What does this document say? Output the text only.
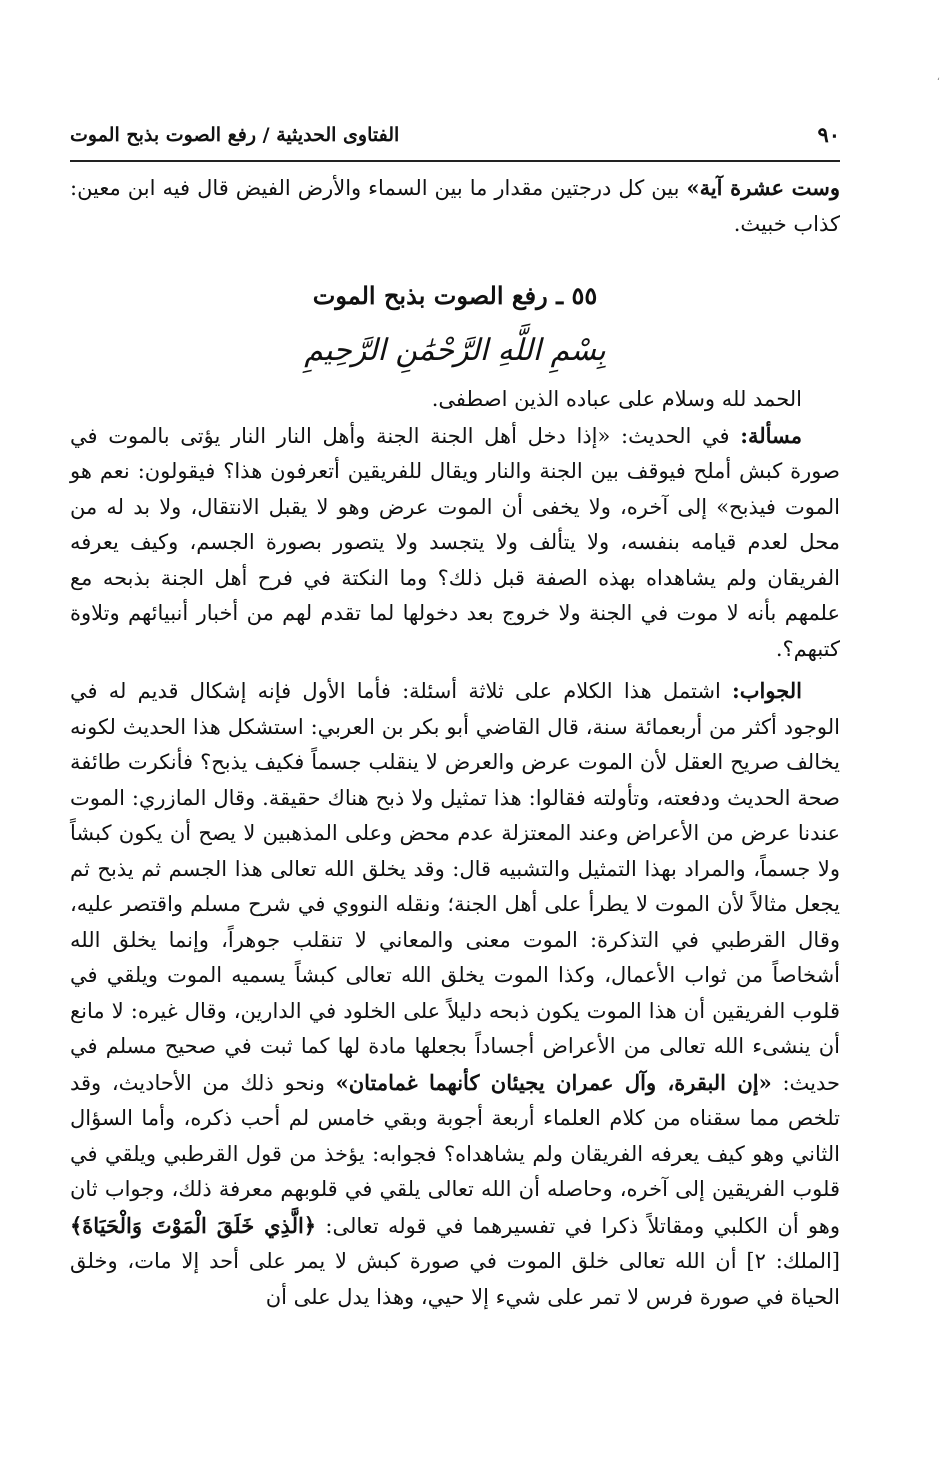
،
الفتاوى الحديثية / رفع الصوت بذبح الموت	٩٠

وست عشرة آية» بين كل درجتين مقدار ما بين السماء والأرض الفيض قال فيه ابن معين: كذاب خبيث.

٥٥ ـ رفع الصوت بذبح الموت

بِسْمِ اللَّهِ الرَّحْمَٰنِ الرَّحِيمِ

الحمد لله وسلام على عباده الذين اصطفى.

مسألة: في الحديث: «إذا دخل أهل الجنة الجنة وأهل النار النار يؤتى بالموت في صورة كبش أملح فيوقف بين الجنة والنار ويقال للفريقين أتعرفون هذا؟ فيقولون: نعم هو الموت فيذبح» إلى آخره، ولا يخفى أن الموت عرض وهو لا يقبل الانتقال، ولا بد له من محل لعدم قيامه بنفسه، ولا يتألف ولا يتجسد ولا يتصور بصورة الجسم، وكيف يعرفه الفريقان ولم يشاهداه بهذه الصفة قبل ذلك؟ وما النكتة في فرح أهل الجنة بذبحه مع علمهم بأنه لا موت في الجنة ولا خروج بعد دخولها لما تقدم لهم من أخبار أنبيائهم وتلاوة كتبهم؟.

الجواب: اشتمل هذا الكلام على ثلاثة أسئلة: فأما الأول فإنه إشكال قديم له في الوجود أكثر من أربعمائة سنة، قال القاضي أبو بكر بن العربي: استشكل هذا الحديث لكونه يخالف صريح العقل لأن الموت عرض والعرض لا ينقلب جسماً فكيف يذبح؟ فأنكرت طائفة صحة الحديث ودفعته، وتأولته فقالوا: هذا تمثيل ولا ذبح هناك حقيقة. وقال المازري: الموت عندنا عرض من الأعراض وعند المعتزلة عدم محض وعلى المذهبين لا يصح أن يكون كبشاً ولا جسماً، والمراد بهذا التمثيل والتشبيه قال: وقد يخلق الله تعالى هذا الجسم ثم يذبح ثم يجعل مثالاً لأن الموت لا يطرأ على أهل الجنة؛ ونقله النووي في شرح مسلم واقتصر عليه، وقال القرطبي في التذكرة: الموت معنى والمعاني لا تنقلب جوهراً، وإنما يخلق الله أشخاصاً من ثواب الأعمال، وكذا الموت يخلق الله تعالى كبشاً يسميه الموت ويلقي في قلوب الفريقين أن هذا الموت يكون ذبحه دليلاً على الخلود في الدارين، وقال غيره: لا مانع أن ينشىء الله تعالى من الأعراض أجساداً بجعلها مادة لها كما ثبت في صحيح مسلم في حديث: «إن البقرة، وآل عمران يجيئان كأنهما غمامتان» ونحو ذلك من الأحاديث، وقد تلخص مما سقناه من كلام العلماء أربعة أجوبة وبقي خامس لم أحب ذكره، وأما السؤال الثاني وهو كيف يعرفه الفريقان ولم يشاهداه؟ فجوابه: يؤخذ من قول القرطبي ويلقي في قلوب الفريقين إلى آخره، وحاصله أن الله تعالى يلقي في قلوبهم معرفة ذلك، وجواب ثان وهو أن الكلبي ومقاتلاً ذكرا في تفسيرهما في قوله تعالى: ﴿الَّذِي خَلَقَ الْمَوْتَ وَالْحَيَاةَ﴾ [الملك: ٢] أن الله تعالى خلق الموت في صورة كبش لا يمر على أحد إلا مات، وخلق الحياة في صورة فرس لا تمر على شيء إلا حيي، وهذا يدل على أن
